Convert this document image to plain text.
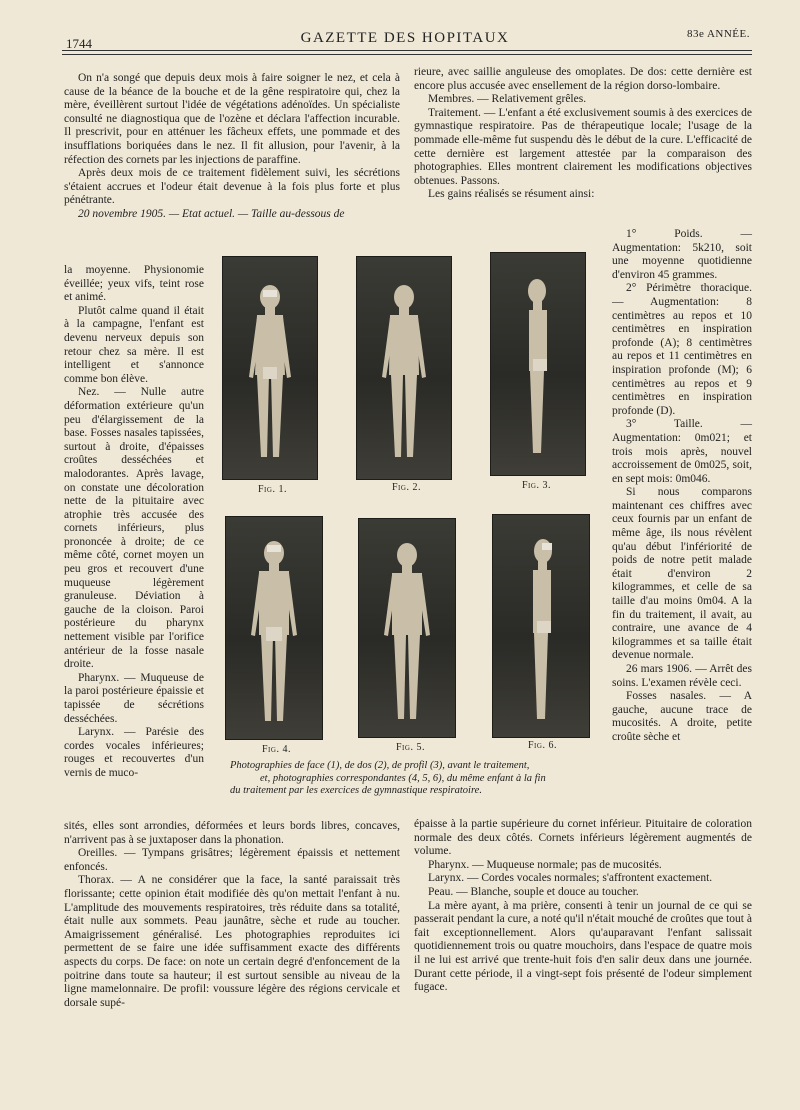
1744	GAZETTE DES HOPITAUX	83e ANNÉE.

On n'a songé que depuis deux mois à faire soigner le nez, et cela à cause de la béance de la bouche et de la gêne respiratoire qui, chez la mère, éveillèrent surtout l'idée de végétations adénoïdes. Un spécialiste consulté ne diagnostiqua que de l'ozène et déclara l'affection incurable. Il prescrivit, pour en atténuer les fâcheux effets, une pommade et des insufflations boriquées dans le nez. Il fit allusion, pour l'avenir, à la réfection des cornets par les injections de paraffine.

Après deux mois de ce traitement fidèlement suivi, les sécrétions s'étaient accrues et l'odeur était devenue à la fois plus forte et plus pénétrante.

20 novembre 1905. — Etat actuel. — Taille au-dessous de

la moyenne. Physionomie éveillée; yeux vifs, teint rose et animé.

Plutôt calme quand il était à la campagne, l'enfant est devenu nerveux depuis son retour chez sa mère. Il est intelligent et s'annonce comme bon élève.

Nez. — Nulle autre déformation extérieure qu'un peu d'élargissement de la base. Fosses nasales tapissées, surtout à droite, d'épaisses croûtes desséchées et malodorantes. Après lavage, on constate une décoloration nette de la pituitaire avec atrophie très accusée des cornets inférieurs, plus prononcée à droite; de ce même côté, cornet moyen un peu gros et recouvert d'une muqueuse légèrement granuleuse. Déviation à gauche de la cloison. Paroi postérieure du pharynx nettement visible par l'orifice antérieur de la fosse nasale droite.

Pharynx. — Muqueuse de la paroi postérieure épaissie et tapissée de sécrétions desséchées.

Larynx. — Parésie des cordes vocales inférieures; rouges et recouvertes d'un vernis de muco-

sités, elles sont arrondies, déformées et leurs bords libres, concaves, n'arrivent pas à se juxtaposer dans la phonation.

Oreilles. — Tympans grisâtres; légèrement épaissis et nettement enfoncés.

Thorax. — A ne considérer que la face, la santé paraissait très florissante; cette opinion était modifiée dès qu'on mettait l'enfant à nu. L'amplitude des mouvements respiratoires, très réduite dans sa totalité, était nulle aux sommets. Peau jaunâtre, sèche et rude au toucher. Amaigrissement généralisé. Les photographies reproduites ici permettent de se faire une idée suffisamment exacte des différents aspects du corps. De face: on note un certain degré d'enfoncement de la poitrine dans toute sa hauteur; il est surtout sensible au niveau de la ligne mamelonnaire. De profil: voussure légère des régions cervicale et dorsale supé-

rieure, avec saillie anguleuse des omoplates. De dos: cette dernière est encore plus accusée avec ensellement de la région dorso-lombaire.

Membres. — Relativement grêles.

Traitement. — L'enfant a été exclusivement soumis à des exercices de gymnastique respiratoire. Pas de thérapeutique locale; l'usage de la pommade elle-même fut suspendu dès le début de la cure. L'efficacité de cette dernière est largement attestée par la comparaison des photographies. Elles montrent clairement les modifications objectives obtenues. Passons.

Les gains réalisés se résument ainsi:

1° Poids. — Augmentation: 5k210, soit une moyenne quotidienne d'environ 45 grammes.

2° Périmètre thoracique. — Augmentation: 8 centimètres au repos et 10 centimètres en inspiration profonde (A); 8 centimètres au repos et 11 centimètres en inspiration profonde (M); 6 centimètres au repos et 9 centimètres en inspiration profonde (D).

3° Taille. — Augmentation: 0m021; et trois mois après, nouvel accroissement de 0m025, soit, en sept mois: 0m046.

Si nous comparons maintenant ces chiffres avec ceux fournis par un enfant de même âge, ils nous révèlent qu'au début l'infériorité de poids de notre petit malade était d'environ 2 kilogrammes, et celle de sa taille d'au moins 0m04. A la fin du traitement, il avait, au contraire, une avance de 4 kilogrammes et sa taille était devenue normale.

26 mars 1906. — Arrêt des soins. L'examen révèle ceci.

Fosses nasales. — A gauche, aucune trace de mucosités. A droite, petite croûte sèche et

épaisse à la partie supérieure du cornet inférieur. Pituitaire de coloration normale des deux côtés. Cornets inférieurs légèrement augmentés de volume.

Pharynx. — Muqueuse normale; pas de mucosités.

Larynx. — Cordes vocales normales; s'affrontent exactement.

Peau. — Blanche, souple et douce au toucher.

La mère ayant, à ma prière, consenti à tenir un journal de ce qui se passerait pendant la cure, a noté qu'il n'était mouché de croûtes que tout à fait exceptionnellement. Alors qu'auparavant l'enfant salissait quotidiennement trois ou quatre mouchoirs, dans l'espace de quatre mois il ne lui est arrivé que trente-huit fois d'en salir deux dans une journée. Durant cette période, il a vingt-sept fois présenté de l'odeur simplement fugace.

Fig. 1.	Fig. 2.	Fig. 3.
Fig. 4.	Fig. 5.	Fig. 6.
Photographies de face (1), de dos (2), de profil (3), avant le traitement,
et, photographies correspondantes (4, 5, 6), du même enfant à la fin
du traitement par les exercices de gymnastique respiratoire.
